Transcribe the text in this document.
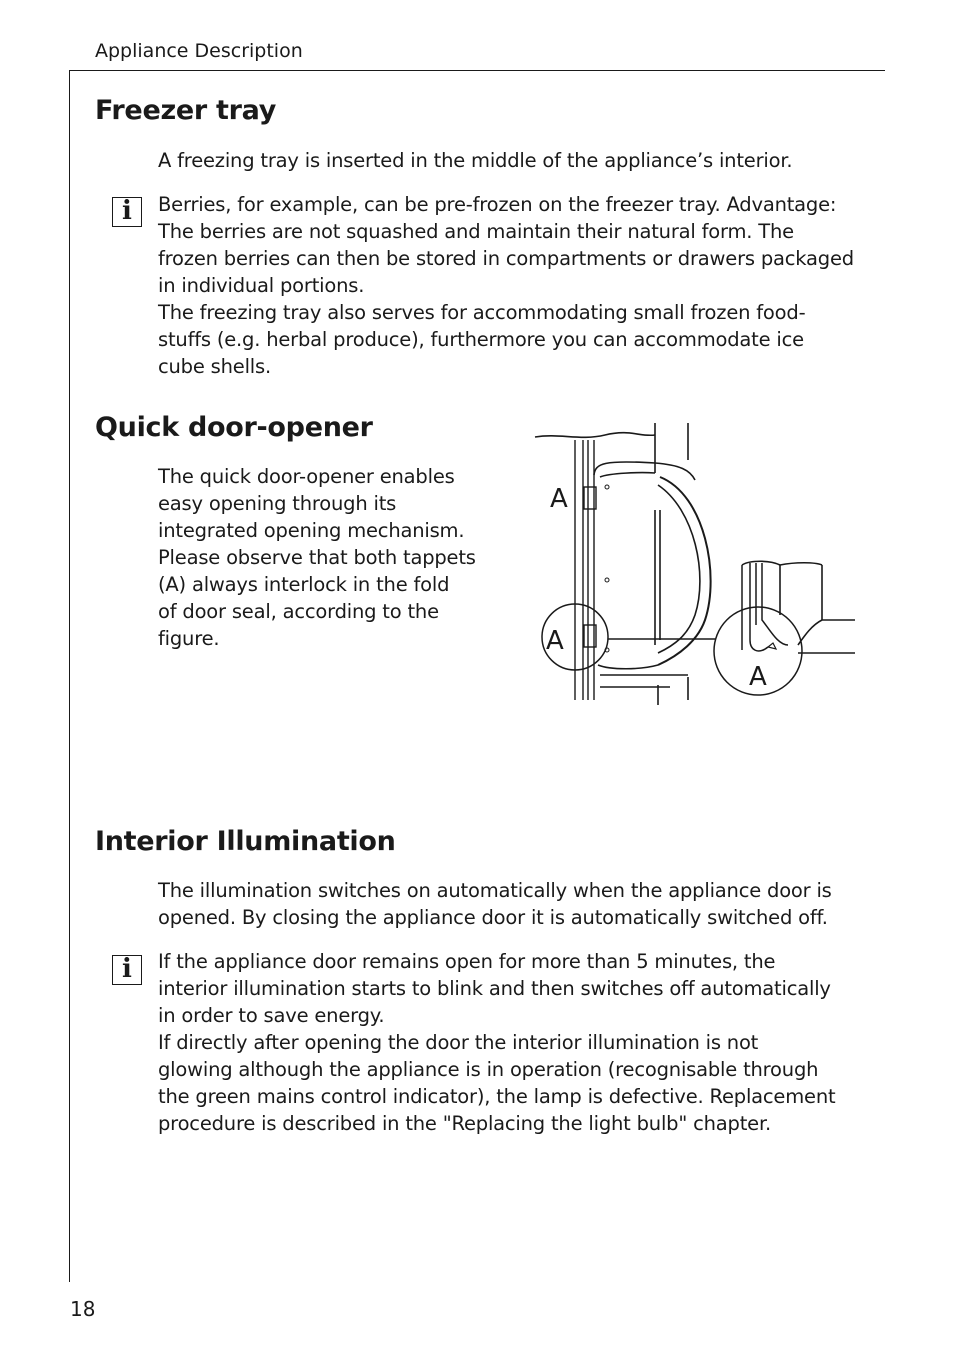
Appliance Description
Freezer tray

A freezing tray is inserted in the middle of the appliance’s interior.

i	Berries, for example, can be pre-frozen on the freezer tray. Advantage:
The berries are not squashed and maintain their natural form. The
frozen berries can then be stored in compartments or drawers packaged
in individual portions.
The freezing tray also serves for accommodating small frozen food-
stuffs (e.g. herbal produce), furthermore you can accommodate ice
cube shells.
Quick door-opener
The quick door-opener enables
easy opening through its
integrated opening mechanism.
Please observe that both tappets
(A) always interlock in the fold
of door seal, according to the
figure.
A
A
A
Interior Illumination
The illumination switches on automatically when the appliance door is
opened. By closing the appliance door it is automatically switched off.
i	If the appliance door remains open for more than 5 minutes, the
interior illumination starts to blink and then switches off automatically
in order to save energy.
If directly after opening the door the interior illumination is not
glowing although the appliance is in operation (recognisable through
the green mains control indicator), the lamp is defective. Replacement
procedure is described in the "Replacing the light bulb" chapter.
18
